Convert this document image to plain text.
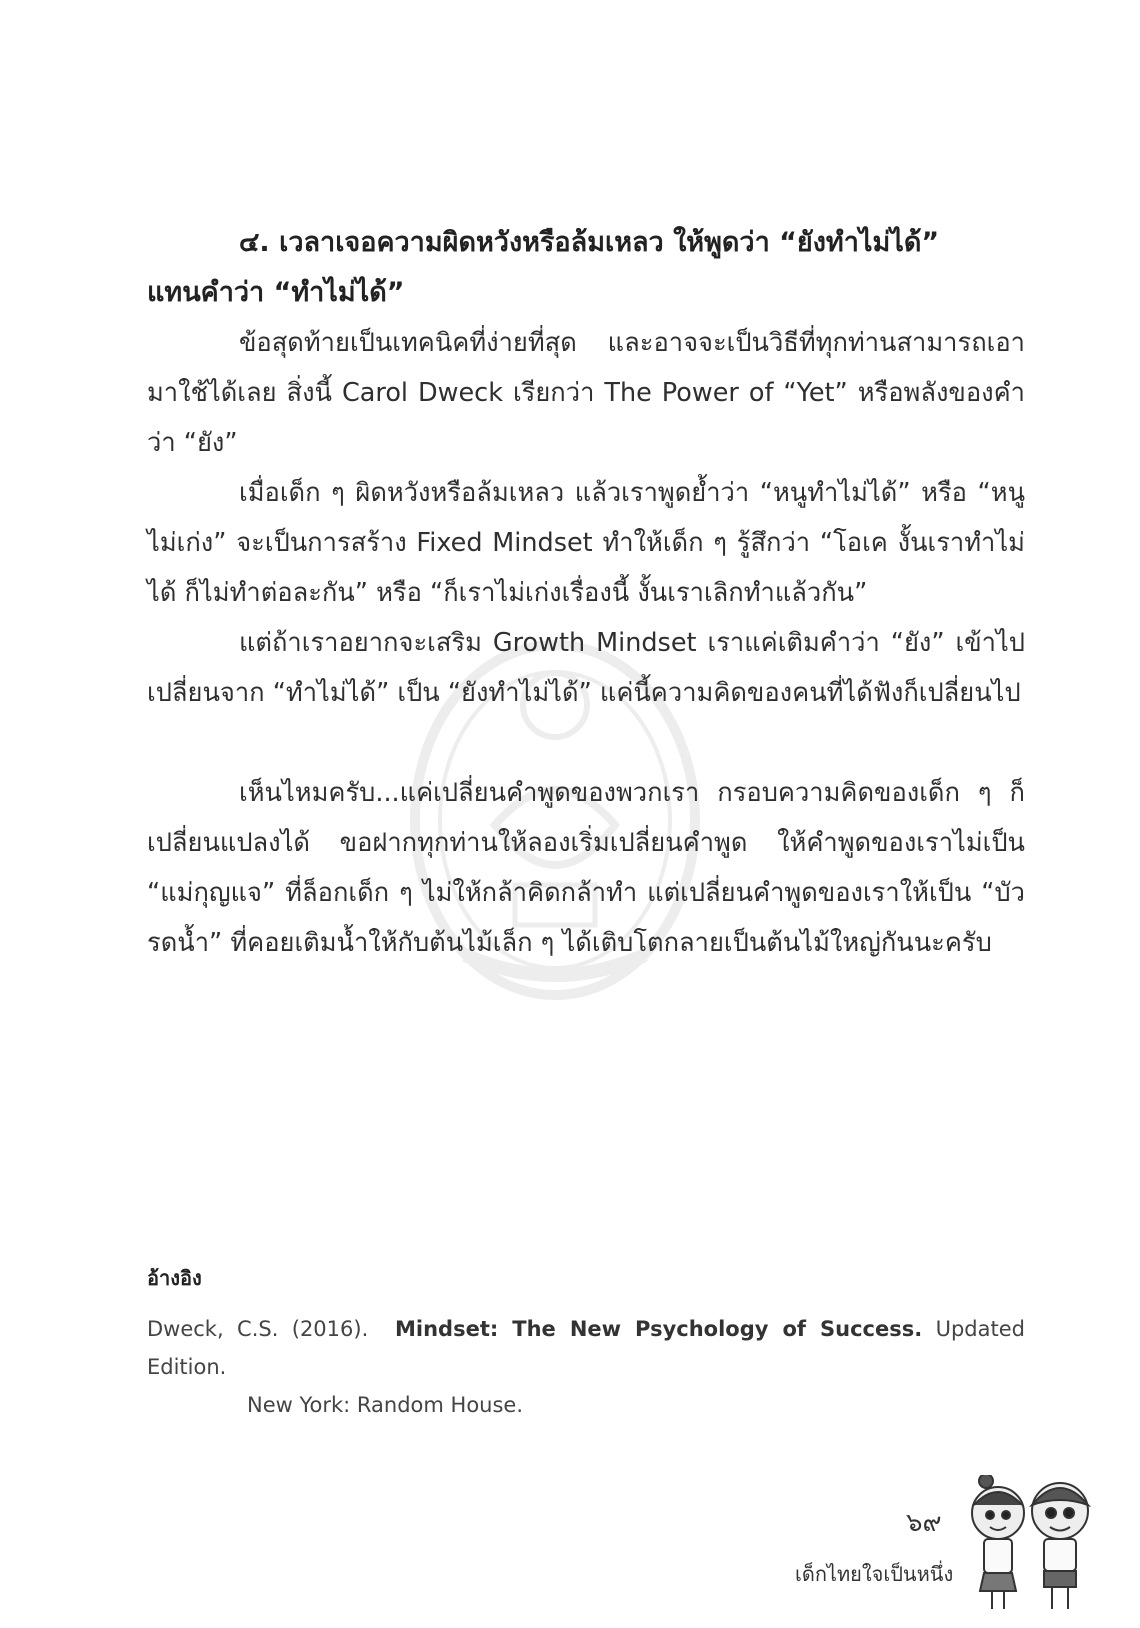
๔. เวลาเจอความผิดหวังหรือล้มเหลว ให้พูดว่า “ยังทำไม่ได้”
แทนคำว่า “ทำไม่ได้”

ข้อสุดท้ายเป็นเทคนิคที่ง่ายที่สุด และอาจจะเป็นวิธีที่ทุกท่านสามารถเอามาใช้ได้เลย สิ่งนี้ Carol Dweck เรียกว่า The Power of “Yet” หรือพลังของคำว่า “ยัง”

เมื่อเด็ก ๆ ผิดหวังหรือล้มเหลว แล้วเราพูดย้ำว่า “หนูทำไม่ได้” หรือ “หนูไม่เก่ง” จะเป็นการสร้าง Fixed Mindset ทำให้เด็ก ๆ รู้สึกว่า “โอเค งั้นเราทำไม่ได้ ก็ไม่ทำต่อละกัน” หรือ “ก็เราไม่เก่งเรื่องนี้ งั้นเราเลิกทำแล้วกัน”

แต่ถ้าเราอยากจะเสริม Growth Mindset เราแค่เติมคำว่า “ยัง” เข้าไป เปลี่ยนจาก “ทำไม่ได้” เป็น “ยังทำไม่ได้” แค่นี้ความคิดของคนที่ได้ฟังก็เปลี่ยนไป

เห็นไหมครับ...แค่เปลี่ยนคำพูดของพวกเรา กรอบความคิดของเด็ก ๆ ก็เปลี่ยนแปลงได้ ขอฝากทุกท่านให้ลองเริ่มเปลี่ยนคำพูด ให้คำพูดของเราไม่เป็น “แม่กุญแจ” ที่ล็อกเด็ก ๆ ไม่ให้กล้าคิดกล้าทำ แต่เปลี่ยนคำพูดของเราให้เป็น “บัวรดน้ำ” ที่คอยเติมน้ำให้กับต้นไม้เล็ก ๆ ได้เติบโตกลายเป็นต้นไม้ใหญ่กันนะครับ

อ้างอิง
Dweck, C.S. (2016). Mindset: The New Psychology of Success. Updated Edition.
New York: Random House.
๖๙
เด็กไทยใจเป็นหนึ่ง
